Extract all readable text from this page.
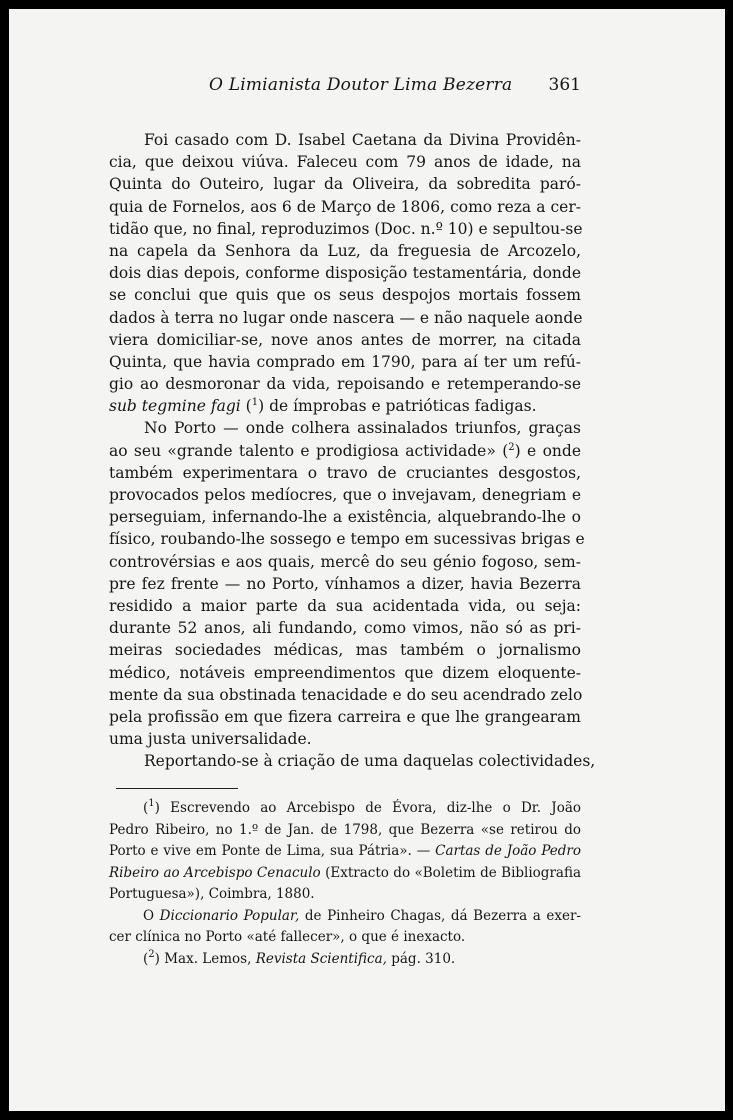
O Limianista Doutor Lima Bezerra 361
Foi casado com D. Isabel Caetana da Divina Providên-
cia, que deixou viúva. Faleceu com 79 anos de idade, na
Quinta do Outeiro, lugar da Oliveira, da sobredita paró-
quia de Fornelos, aos 6 de Março de 1806, como reza a cer-
tidão que, no final, reproduzimos (Doc. n.º 10) e sepultou-se
na capela da Senhora da Luz, da freguesia de Arcozelo,
dois dias depois, conforme disposição testamentária, donde
se conclui que quis que os seus despojos mortais fossem
dados à terra no lugar onde nascera — e não naquele aonde
viera domiciliar-se, nove anos antes de morrer, na citada
Quinta, que havia comprado em 1790, para aí ter um refú-
gio ao desmoronar da vida, repoisando e retemperando-se
sub tegmine fagi ($^1$) de ímprobas e patrióticas fadigas.
No Porto — onde colhera assinalados triunfos, graças
ao seu «grande talento e prodigiosa actividade» ($^2$) e onde
também experimentara o travo de cruciantes desgostos,
provocados pelos medíocres, que o invejavam, denegriam e
perseguiam, infernando-lhe a existência, alquebrando-lhe o
físico, roubando-lhe sossego e tempo em sucessivas brigas e
controvérsias e aos quais, mercê do seu génio fogoso, sem-
pre fez frente — no Porto, vínhamos a dizer, havia Bezerra
residido a maior parte da sua acidentada vida, ou seja:
durante 52 anos, ali fundando, como vimos, não só as pri-
meiras sociedades médicas, mas também o jornalismo
médico, notáveis empreendimentos que dizem eloquente-
mente da sua obstinada tenacidade e do seu acendrado zelo
pela profissão em que fizera carreira e que lhe grangearam
uma justa universalidade.
Reportando-se à criação de uma daquelas colectividades,
($^1$) Escrevendo ao Arcebispo de Évora, diz-lhe o Dr. João
Pedro Ribeiro, no 1.º de Jan. de 1798, que Bezerra «se retirou do
Porto e vive em Ponte de Lima, sua Pátria». — Cartas de João Pedro
Ribeiro ao Arcebispo Cenaculo (Extracto do «Boletim de Bibliografia
Portuguesa»), Coimbra, 1880.
O Diccionario Popular, de Pinheiro Chagas, dá Bezerra a exer-
cer clínica no Porto «até fallecer», o que é inexacto.
($^2$) Max. Lemos, Revista Scientifica, pág. 310.
